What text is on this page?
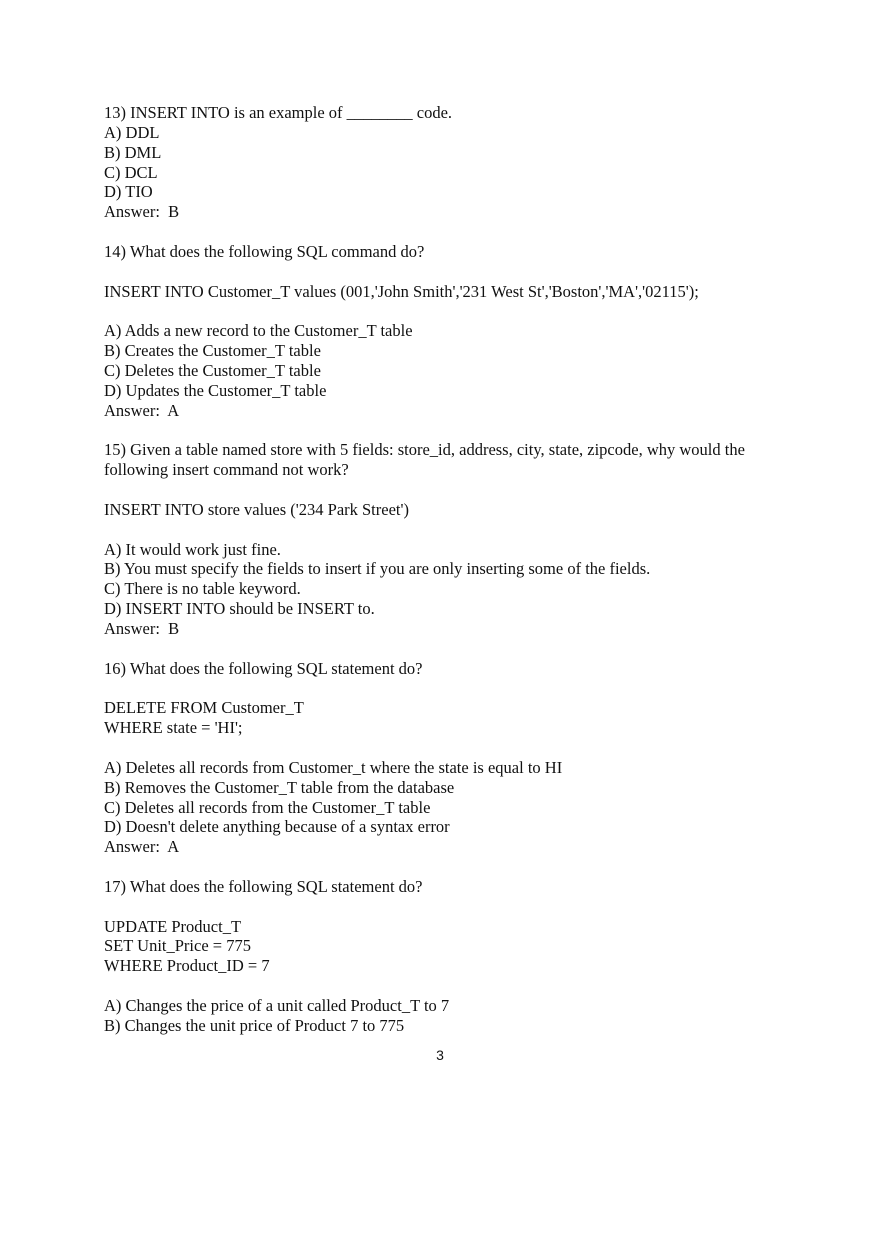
13) INSERT INTO is an example of ________ code.
A) DDL
B) DML
C) DCL
D) TIO
Answer:  B
14) What does the following SQL command do?
INSERT INTO Customer_T values (001,'John Smith','231 West St','Boston','MA','02115');
A) Adds a new record to the Customer_T table
B) Creates the Customer_T table
C) Deletes the Customer_T table
D) Updates the Customer_T table
Answer:  A
15) Given a table named store with 5 fields: store_id, address, city, state, zipcode, why would the following insert command not work?
INSERT INTO store values ('234 Park Street')
A) It would work just fine.
B) You must specify the fields to insert if you are only inserting some of the fields.
C) There is no table keyword.
D) INSERT INTO should be INSERT to.
Answer:  B
16) What does the following SQL statement do?
DELETE FROM Customer_T
WHERE state = 'HI';
A) Deletes all records from Customer_t where the state is equal to HI
B) Removes the Customer_T table from the database
C) Deletes all records from the Customer_T table
D) Doesn't delete anything because of a syntax error
Answer:  A
17) What does the following SQL statement do?
UPDATE Product_T
SET Unit_Price = 775
WHERE Product_ID = 7
A) Changes the price of a unit called Product_T to 7
B) Changes the unit price of Product 7 to 775
3
